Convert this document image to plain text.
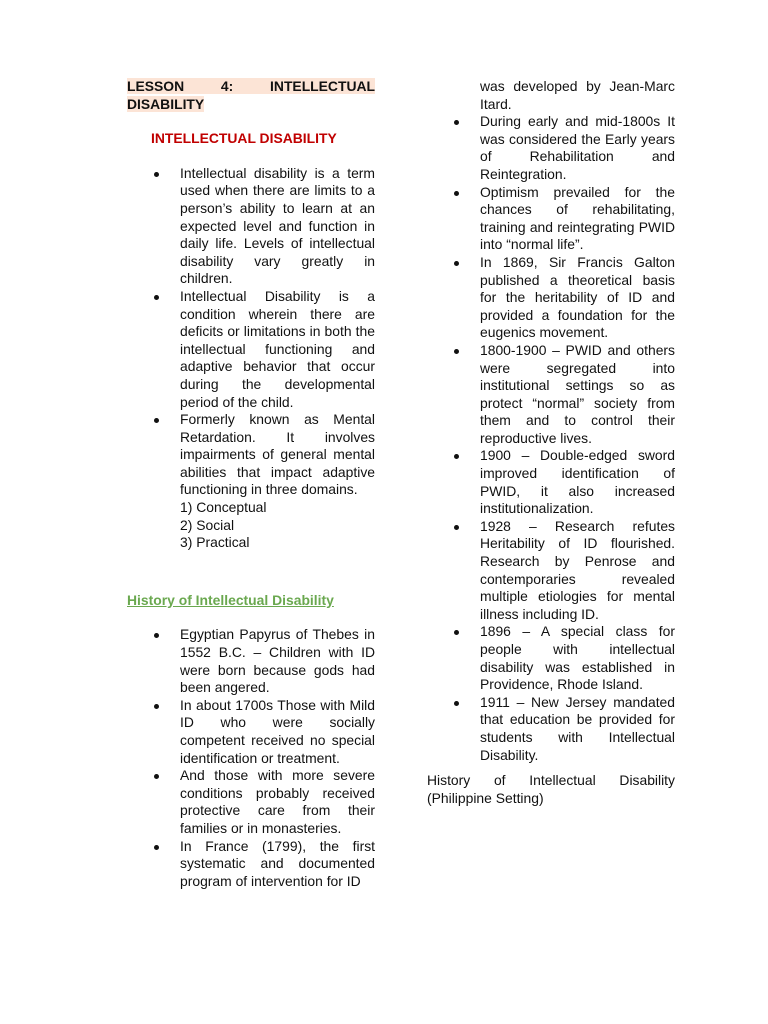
LESSON 4: INTELLECTUAL DISABILITY

INTELLECTUAL DISABILITY

Intellectual disability is a term used when there are limits to a person’s ability to learn at an expected level and function in daily life. Levels of intellectual disability vary greatly in children.
Intellectual Disability is a condition wherein there are deficits or limitations in both the intellectual functioning and adaptive behavior that occur during the developmental period of the child.
Formerly known as Mental Retardation. It involves impairments of general mental abilities that impact adaptive functioning in three domains.
1) Conceptual
2) Social
3) Practical

History of Intellectual Disability

Egyptian Papyrus of Thebes in 1552 B.C. – Children with ID were born because gods had been angered.
In about 1700s Those with Mild ID who were socially competent received no special identification or treatment.
And those with more severe conditions probably received protective care from their families or in monasteries.
In France (1799), the first systematic and documented program of intervention for ID
was developed by Jean-Marc Itard.
During early and mid-1800s It was considered the Early years of Rehabilitation and Reintegration.
Optimism prevailed for the chances of rehabilitating, training and reintegrating PWID into “normal life”.
In 1869, Sir Francis Galton published a theoretical basis for the heritability of ID and provided a foundation for the eugenics movement.
1800-1900 – PWID and others were segregated into institutional settings so as protect “normal” society from them and to control their reproductive lives.
1900 – Double-edged sword improved identification of PWID, it also increased institutionalization.
1928 – Research refutes Heritability of ID flourished. Research by Penrose and contemporaries revealed multiple etiologies for mental illness including ID.
1896 – A special class for people with intellectual disability was established in Providence, Rhode Island.
1911 – New Jersey mandated that education be provided for students with Intellectual Disability.

History of Intellectual Disability (Philippine Setting)
